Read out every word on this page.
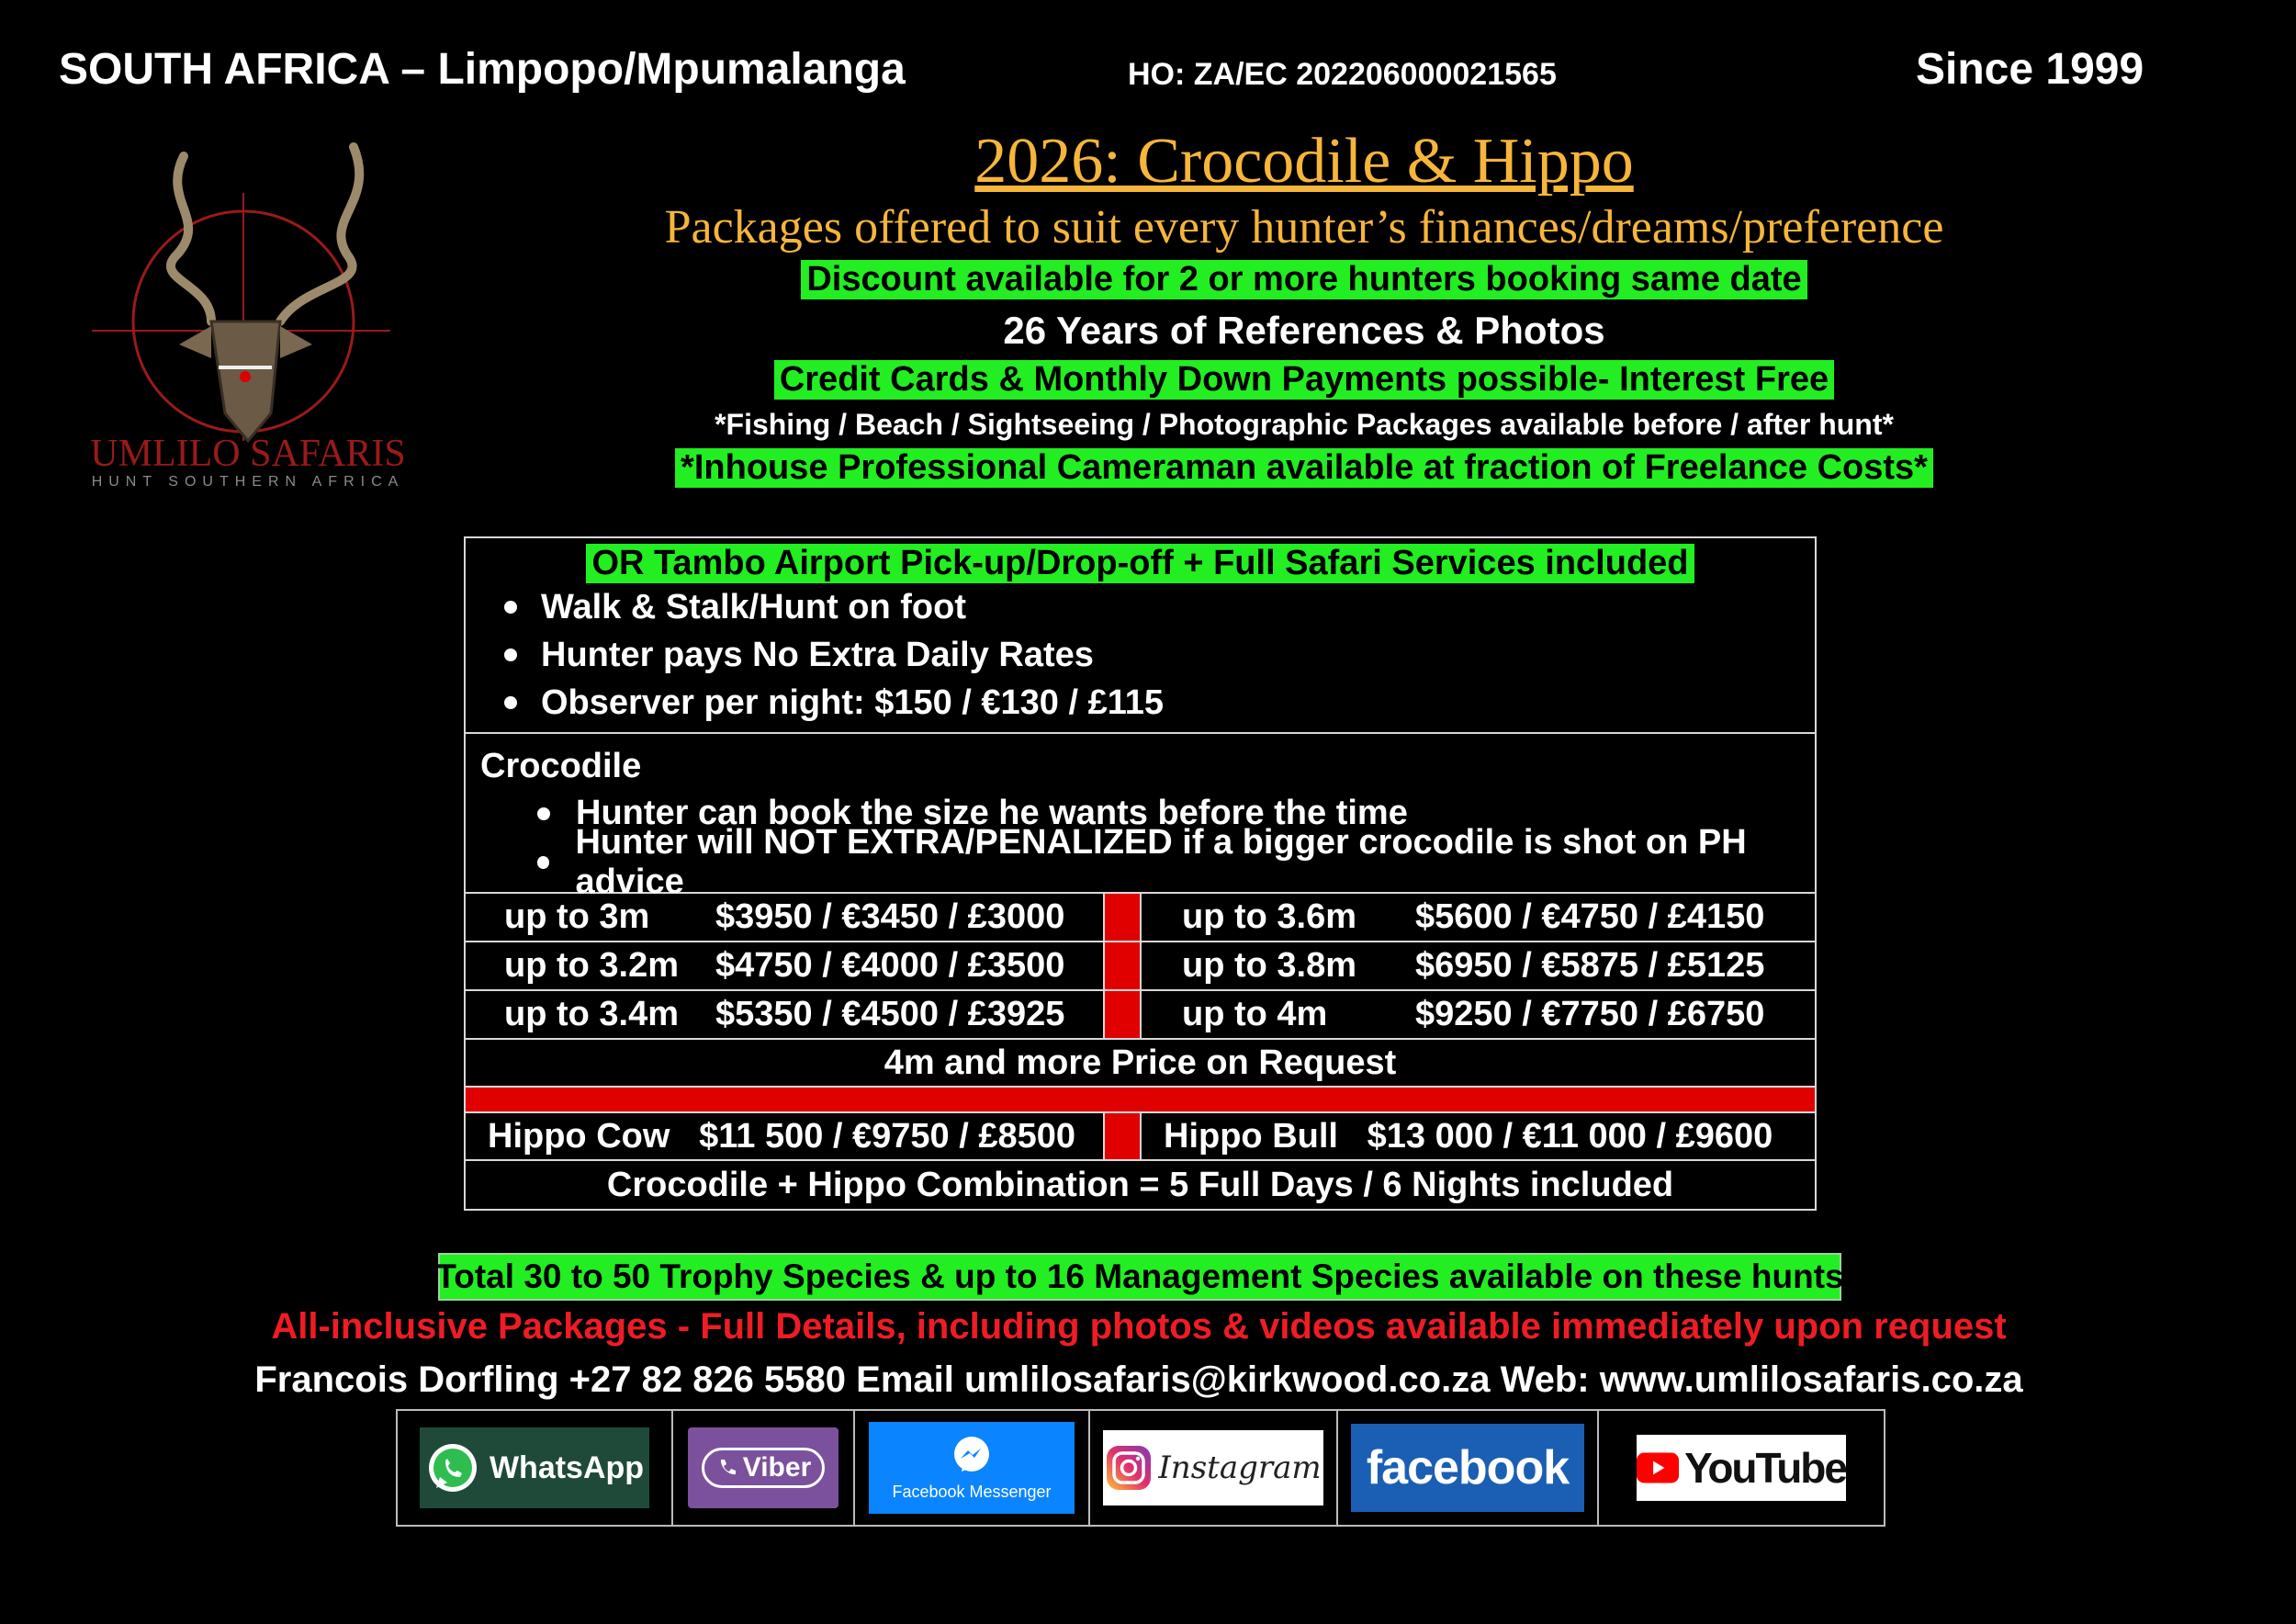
SOUTH AFRICA – Limpopo/Mpumalanga	HO: ZA/EC 202206000021565	Since 1999
UMLILO SAFARIS
HUNT SOUTHERN AFRICA
2026: Crocodile & Hippo
Packages offered to suit every hunter’s finances/dreams/preference
Discount available for 2 or more hunters booking same date
26 Years of References & Photos
Credit Cards & Monthly Down Payments possible- Interest Free
*Fishing / Beach / Sightseeing / Photographic Packages available before / after hunt*
*Inhouse Professional Cameraman available at fraction of Freelance Costs*
OR Tambo Airport Pick-up/Drop-off + Full Safari Services included
Walk & Stalk/Hunt on foot
Hunter pays No Extra Daily Rates
Observer per night: $150 / €130 / £115
Crocodile
Hunter can book the size he wants before the time
Hunter will NOT EXTRA/PENALIZED if a bigger crocodile is shot on PH advice
up to 3m	$3950 / €3450 / £3000	up to 3.6m	$5600 / €4750 / £4150
up to 3.2m	$4750 / €4000 / £3500	up to 3.8m	$6950 / €5875 / £5125
up to 3.4m	$5350 / €4500 / £3925	up to 4m	$9250 / €7750 / £6750
4m and more Price on Request
Hippo Cow   $11 500 / €9750 / £8500	Hippo Bull   $13 000 / €11 000 / £9600
Crocodile + Hippo Combination = 5 Full Days / 6 Nights included
Total 30 to 50 Trophy Species & up to 16 Management Species available on these hunts
All-inclusive Packages - Full Details, including photos & videos available immediately upon request
Francois Dorfling +27 82 826 5580 Email umlilosafaris@kirkwood.co.za Web: www.umlilosafaris.co.za
WhatsApp	Viber
Facebook Messenger
Instagram facebook	YouTube
